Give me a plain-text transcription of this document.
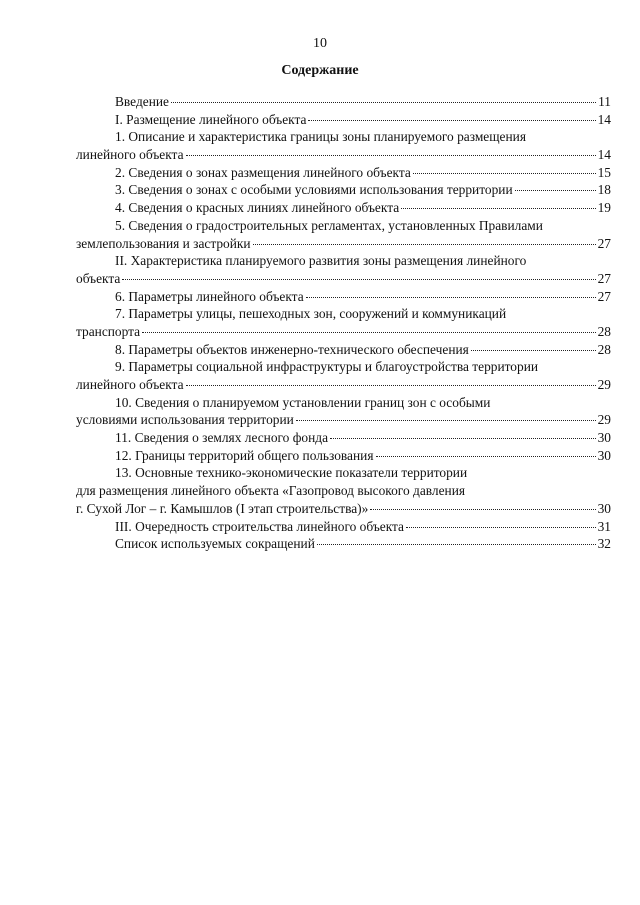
10
Содержание
Введение	11
I. Размещение линейного объекта	14
1. Описание и характеристика границы зоны планируемого размещения
линейного объекта	14
2. Сведения о зонах размещения линейного объекта	15
3. Сведения о зонах с особыми условиями использования территории	18
4. Сведения о красных линиях линейного объекта	19
5. Сведения о градостроительных регламентах, установленных Правилами
землепользования и застройки	27
II. Характеристика планируемого развития зоны размещения линейного
объекта	27
6. Параметры линейного объекта	27
7. Параметры улицы, пешеходных зон, сооружений и коммуникаций
транспорта	28
8. Параметры объектов инженерно-технического обеспечения	28
9. Параметры социальной инфраструктуры и благоустройства территории
линейного объекта	29
10. Сведения о планируемом установлении границ зон с особыми
условиями использования территории	29
11. Сведения о землях лесного фонда	30
12. Границы территорий общего пользования	30
13. Основные технико-экономические показатели территории
для размещения линейного объекта «Газопровод высокого давления
г. Сухой Лог – г. Камышлов (I этап строительства)»	30
III. Очередность строительства линейного объекта	31
Список используемых сокращений	32
